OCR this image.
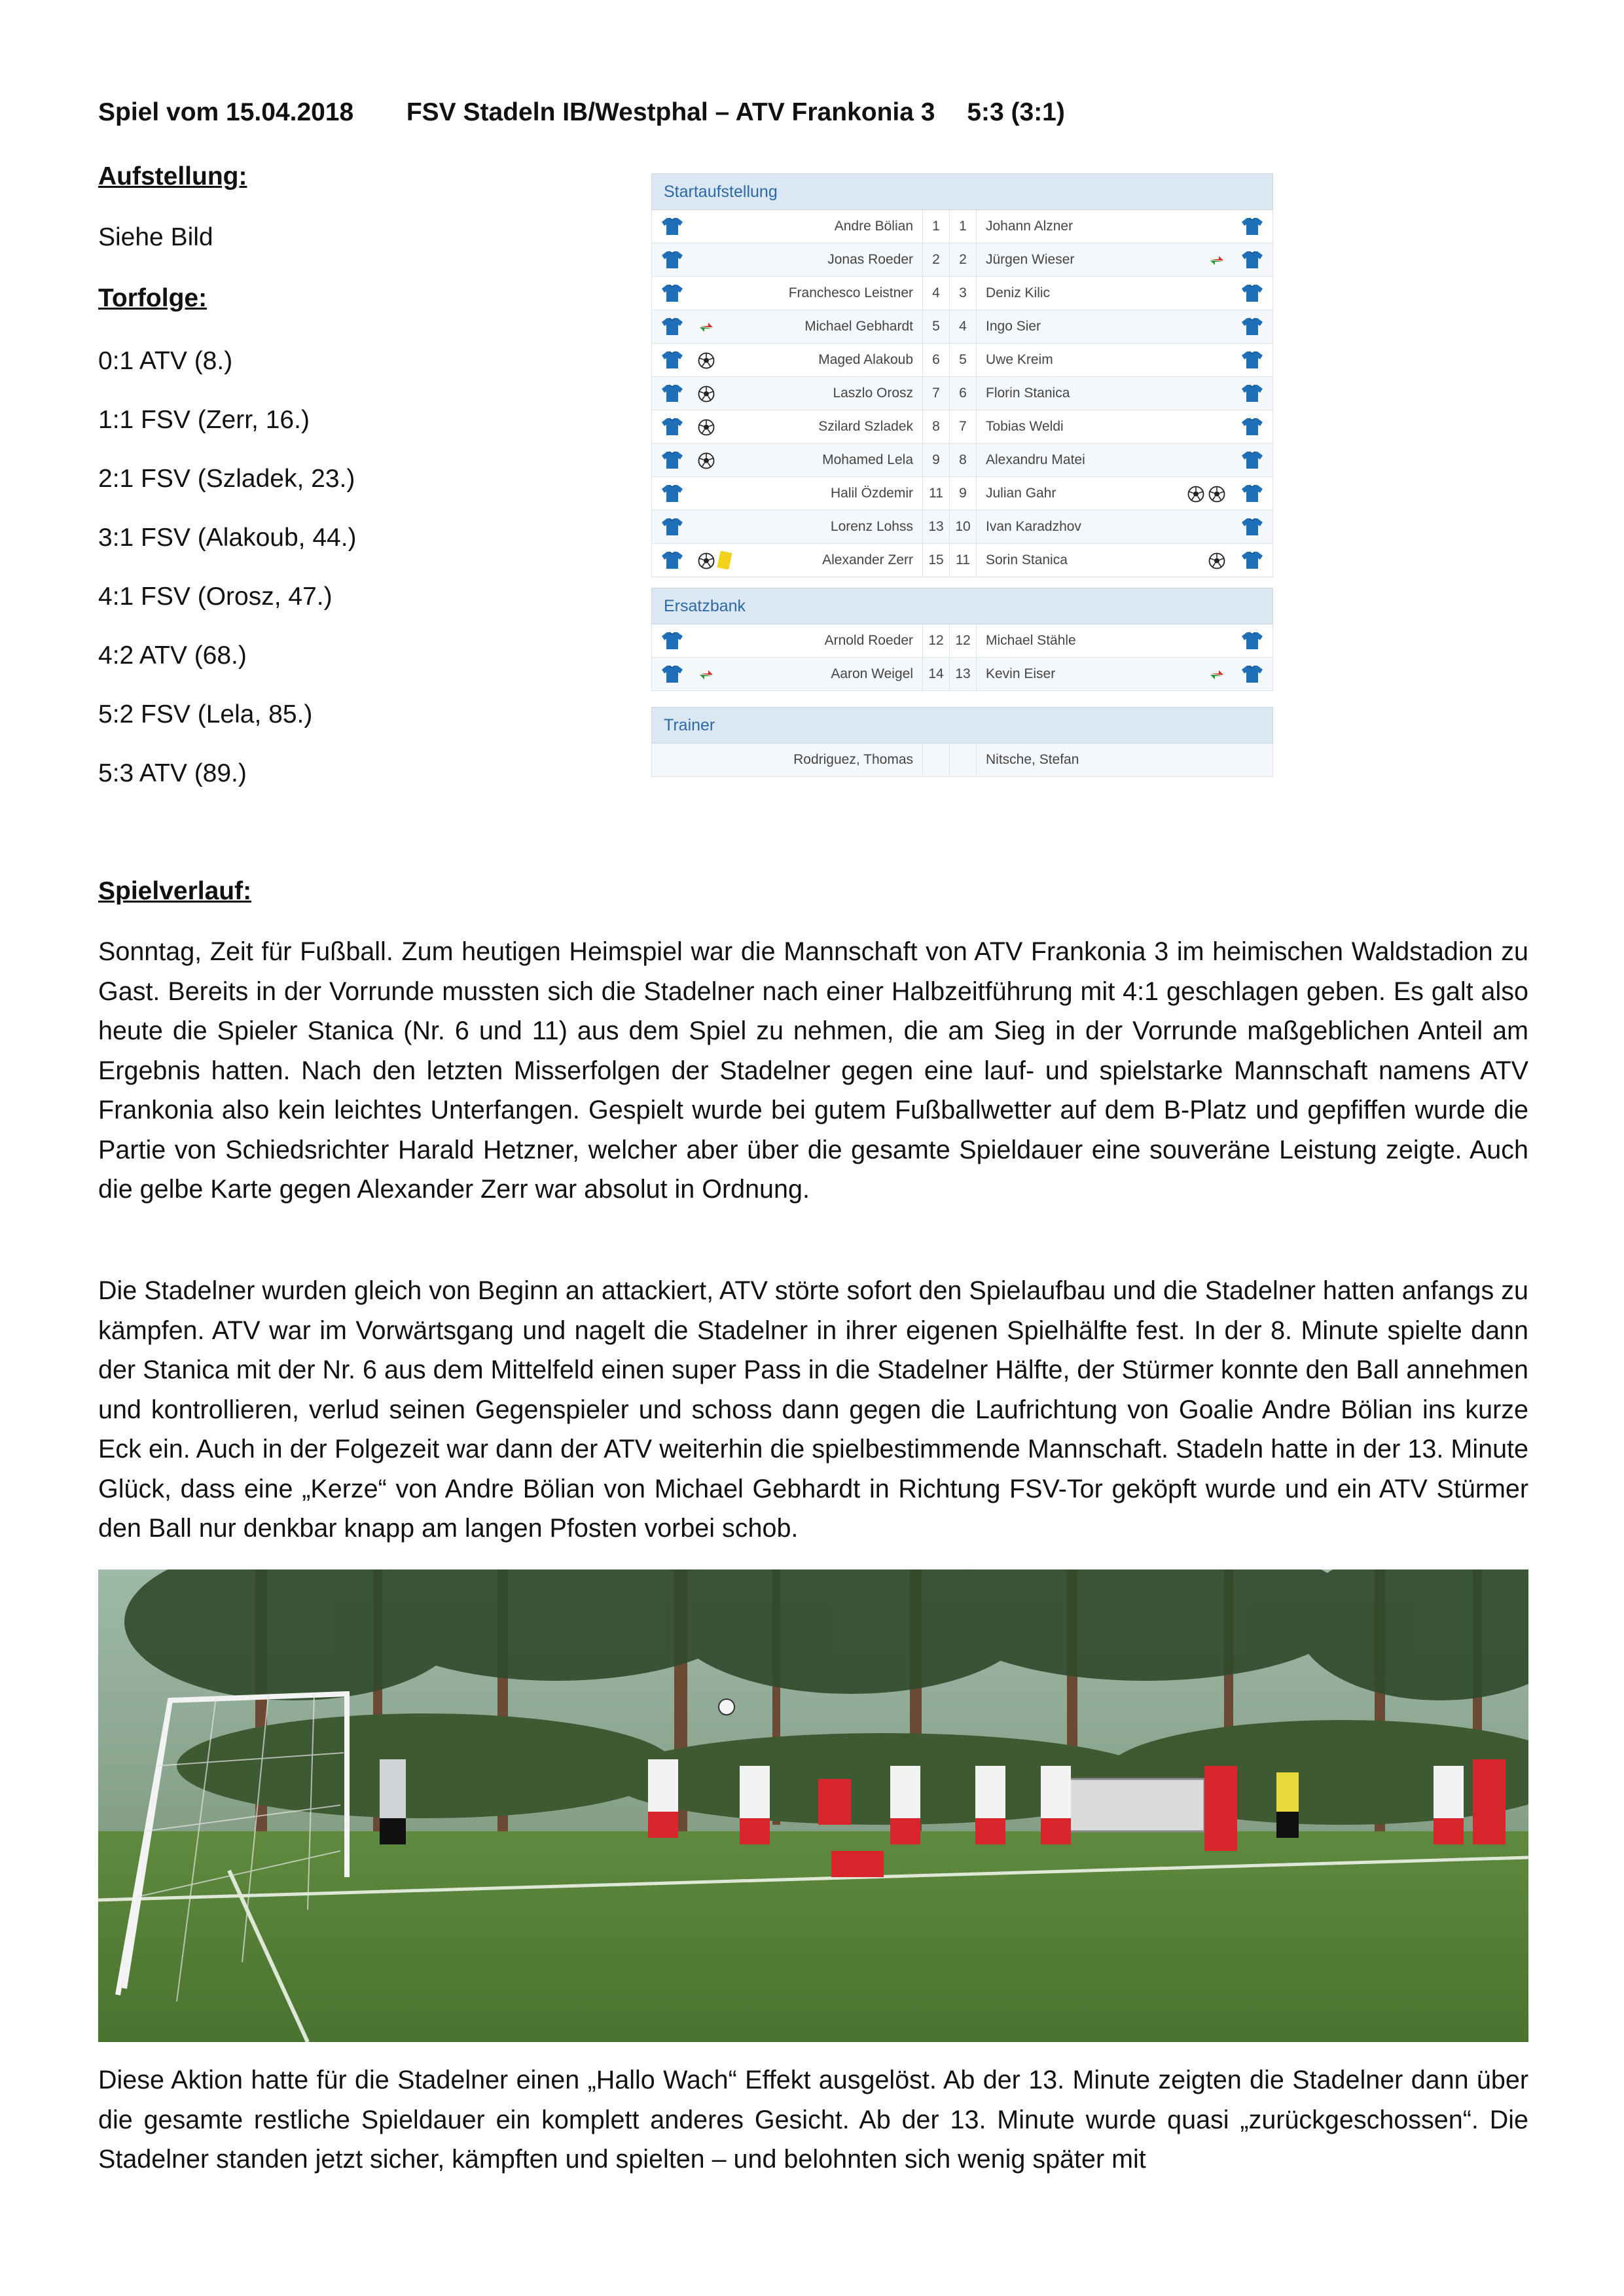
Spiel vom 15.04.2018 FSV Stadeln IB/Westphal – ATV Frankonia 3 5:3 (3:1)
Aufstellung:
Siehe Bild
Torfolge:
0:1 ATV (8.)
1:1 FSV (Zerr, 16.)
2:1 FSV (Szladek, 23.)
3:1 FSV (Alakoub, 44.)
4:1 FSV (Orosz, 47.)
4:2 ATV (68.)
5:2 FSV (Lela, 85.)
5:3 ATV (89.)
Startaufstellung
Andre Bölian	1	1	Johann Alzner
Jonas Roeder	2	2	Jürgen Wieser
Franchesco Leistner	4	3	Deniz Kilic
Michael Gebhardt	5	4	Ingo Sier
Maged Alakoub	6	5	Uwe Kreim
Laszlo Orosz	7	6	Florin Stanica
Szilard Szladek	8	7	Tobias Weldi
Mohamed Lela	9	8	Alexandru Matei
Halil Özdemir	11	9	Julian Gahr
Lorenz Lohss	13 10	Ivan Karadzhov
Alexander Zerr	15 11	Sorin Stanica
Ersatzbank
Arnold Roeder	12 12	Michael Stähle
Aaron Weigel	14 13	Kevin Eiser
Trainer
Rodriguez, Thomas	Nitsche, Stefan
Spielverlauf:
Sonntag, Zeit für Fußball. Zum heutigen Heimspiel war die Mannschaft von ATV Frankonia 3 im heimischen Waldstadion zu Gast. Bereits in der Vorrunde mussten sich die Stadelner nach einer Halbzeitführung mit 4:1 geschlagen geben. Es galt also heute die Spieler Stanica (Nr. 6 und 11) aus dem Spiel zu nehmen, die am Sieg in der Vorrunde maßgeblichen Anteil am Ergebnis hatten. Nach den letzten Misserfolgen der Stadelner gegen eine lauf- und spielstarke Mannschaft namens ATV Frankonia also kein leichtes Unterfangen. Gespielt wurde bei gutem Fußballwetter auf dem B-Platz und gepfiffen wurde die Partie von Schiedsrichter Harald Hetzner, welcher aber über die gesamte Spieldauer eine souveräne Leistung zeigte. Auch die gelbe Karte gegen Alexander Zerr war absolut in Ordnung.
Die Stadelner wurden gleich von Beginn an attackiert, ATV störte sofort den Spielaufbau und die Stadelner hatten anfangs zu kämpfen. ATV war im Vorwärtsgang und nagelt die Stadelner in ihrer eigenen Spielhälfte fest. In der 8. Minute spielte dann der Stanica mit der Nr. 6 aus dem Mittelfeld einen super Pass in die Stadelner Hälfte, der Stürmer konnte den Ball annehmen und kontrollieren, verlud seinen Gegenspieler und schoss dann gegen die Laufrichtung von Goalie Andre Bölian ins kurze Eck ein. Auch in der Folgezeit war dann der ATV weiterhin die spielbestimmende Mannschaft. Stadeln hatte in der 13. Minute Glück, dass eine „Kerze“ von Andre Bölian von Michael Gebhardt in Richtung FSV-Tor geköpft wurde und ein ATV Stürmer den Ball nur denkbar knapp am langen Pfosten vorbei schob.
Diese Aktion hatte für die Stadelner einen „Hallo Wach“ Effekt ausgelöst. Ab der 13. Minute zeigten die Stadelner dann über die gesamte restliche Spieldauer ein komplett anderes Gesicht. Ab der 13. Minute wurde quasi „zurückgeschossen“. Die Stadelner standen jetzt sicher, kämpften und spielten – und belohnten sich wenig später mit
